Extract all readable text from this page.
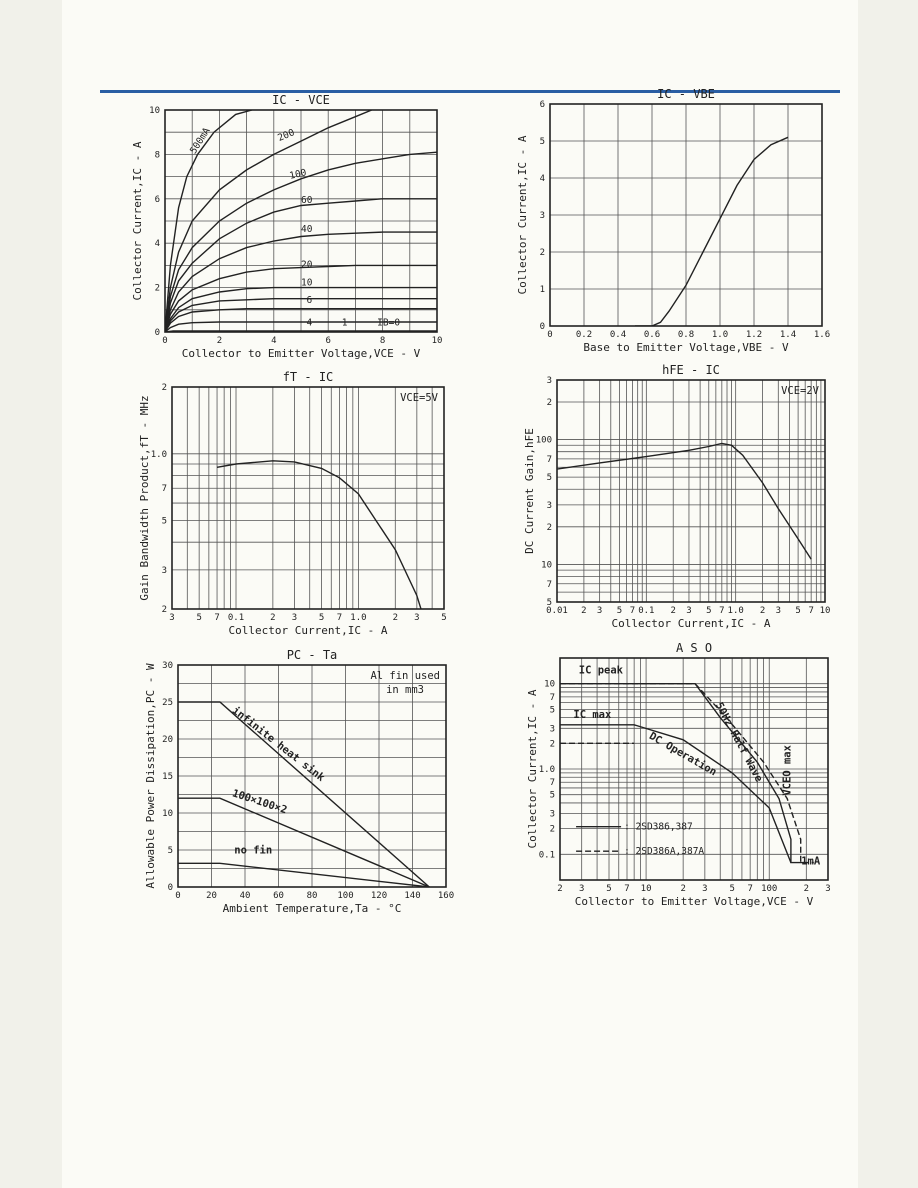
0	2	4	6	8	10
0
2
4
6
8
10
IC - VCE
Collector to Emitter Voltage,VCE - V
Collector Current,IC - A
500mA	200
100
60
40
20
10
6
4	1	IB=0
0	0.2 0.4 0.6 0.8 1.0 1.2 1.4 1.6
0
1
2
3
4
5
6
IC - VBE
Base to Emitter Voltage,VBE - V
Collector Current,IC - A
3 5 7 0.1	2 3 5 7 1.0	2 3 5
2
3
5
7
1.0
2
fT - IC
Collector Current,IC - A
Gain Bandwidth Product,fT - MHz	VCE=5V
0.01 2 3 5 7 0.1 2 3 5 7 1.0 2 3 5 7 10
5
7
10
2
3
5
7
100
2
3
hFE - IC
Collector Current,IC - A
DC Current Gain,hFE
VCE=2V
0	20	40	60	80 100 120 140 160
0
5
10
15
20
25
30
PC - Ta
Ambient Temperature,Ta - °C
Allowable Power Dissipation,PC - W	infinite heat sink
100×100×2
no fin
Al fin used
in mm3
2 3 5 7 10	2 3 5 7 100	2 3
0.1
2
3
5
7
1.0
2
3
5
7
10
A S O
Collector to Emitter Voltage,VCE - V
Collector Current,IC - A
IC peak
IC max
DC Operation
50Hz Half Wave VCEO max
1mA
: 2SD386,387
: 2SD386A,387A
